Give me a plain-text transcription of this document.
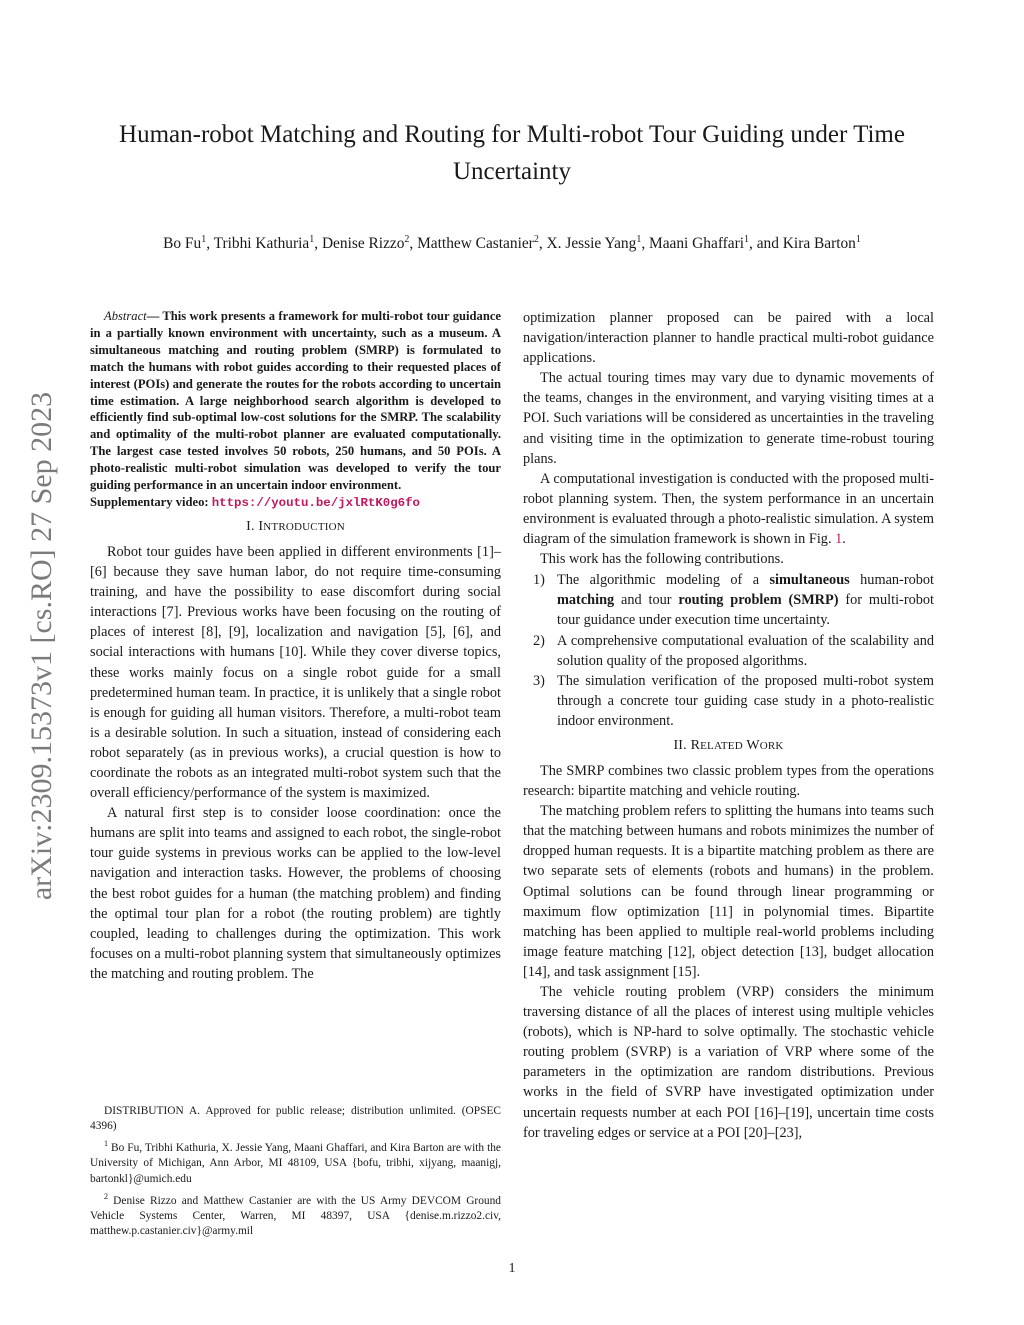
Human-robot Matching and Routing for Multi-robot Tour Guiding under Time Uncertainty
Bo Fu$^1$, Tribhi Kathuria$^1$, Denise Rizzo$^2$, Matthew Castanier$^2$, X. Jessie Yang$^1$, Maani Ghaffari$^1$, and Kira Barton$^1$
arXiv:2309.15373v1 [cs.RO] 27 Sep 2023

Abstract— This work presents a framework for multi-robot tour guidance in a partially known environment with uncertainty, such as a museum. A simultaneous matching and routing problem (SMRP) is formulated to match the humans with robot guides according to their requested places of interest (POIs) and generate the routes for the robots according to uncertain time estimation. A large neighborhood search algorithm is developed to efficiently find sub-optimal low-cost solutions for the SMRP. The scalability and optimality of the multi-robot planner are evaluated computationally. The largest case tested involves 50 robots, 250 humans, and 50 POIs. A photo-realistic multi-robot simulation was developed to verify the tour guiding performance in an uncertain indoor environment.

Supplementary video: https://youtu.be/jxlRtK0g6fo

I. INTRODUCTION

Robot tour guides have been applied in different environments [1]–[6] because they save human labor, do not require time-consuming training, and have the possibility to ease discomfort during social interactions [7]. Previous works have been focusing on the routing of places of interest [8], [9], localization and navigation [5], [6], and social interactions with humans [10]. While they cover diverse topics, these works mainly focus on a single robot guide for a small predetermined human team. In practice, it is unlikely that a single robot is enough for guiding all human visitors. Therefore, a multi-robot team is a desirable solution. In such a situation, instead of considering each robot separately (as in previous works), a crucial question is how to coordinate the robots as an integrated multi-robot system such that the overall efficiency/performance of the system is maximized.

A natural first step is to consider loose coordination: once the humans are split into teams and assigned to each robot, the single-robot tour guide systems in previous works can be applied to the low-level navigation and interaction tasks. However, the problems of choosing the best robot guides for a human (the matching problem) and finding the optimal tour plan for a robot (the routing problem) are tightly coupled, leading to challenges during the optimization. This work focuses on a multi-robot planning system that simultaneously optimizes the matching and routing problem. The

DISTRIBUTION A. Approved for public release; distribution unlimited. (OPSEC 4396)

$^1$ Bo Fu, Tribhi Kathuria, X. Jessie Yang, Maani Ghaffari, and Kira Barton are with the University of Michigan, Ann Arbor, MI 48109, USA {bofu, tribhi, xijyang, maanigj, bartonkl}@umich.edu

$^2$ Denise Rizzo and Matthew Castanier are with the US Army DEVCOM Ground Vehicle Systems Center, Warren, MI 48397, USA {denise.m.rizzo2.civ, matthew.p.castanier.civ}@army.mil

optimization planner proposed can be paired with a local navigation/interaction planner to handle practical multi-robot guidance applications.

The actual touring times may vary due to dynamic movements of the teams, changes in the environment, and varying visiting times at a POI. Such variations will be considered as uncertainties in the traveling and visiting time in the optimization to generate time-robust touring plans.

A computational investigation is conducted with the proposed multi-robot planning system. Then, the system performance in an uncertain environment is evaluated through a photo-realistic simulation. A system diagram of the simulation framework is shown in Fig. 1.

This work has the following contributions.

1) The algorithmic modeling of a simultaneous human-robot matching and tour routing problem (SMRP) for multi-robot tour guidance under execution time uncertainty.
2) A comprehensive computational evaluation of the scalability and solution quality of the proposed algorithms.
3) The simulation verification of the proposed multi-robot system through a concrete tour guiding case study in a photo-realistic indoor environment.
II. RELATED WORK

The SMRP combines two classic problem types from the operations research: bipartite matching and vehicle routing.

The matching problem refers to splitting the humans into teams such that the matching between humans and robots minimizes the number of dropped human requests. It is a bipartite matching problem as there are two separate sets of elements (robots and humans) in the problem. Optimal solutions can be found through linear programming or maximum flow optimization [11] in polynomial times. Bipartite matching has been applied to multiple real-world problems including image feature matching [12], object detection [13], budget allocation [14], and task assignment [15].

The vehicle routing problem (VRP) considers the minimum traversing distance of all the places of interest using multiple vehicles (robots), which is NP-hard to solve optimally. The stochastic vehicle routing problem (SVRP) is a variation of VRP where some of the parameters in the optimization are random distributions. Previous works in the field of SVRP have investigated optimization under uncertain requests number at each POI [16]–[19], uncertain time costs for traveling edges or service at a POI [20]–[23],

1
